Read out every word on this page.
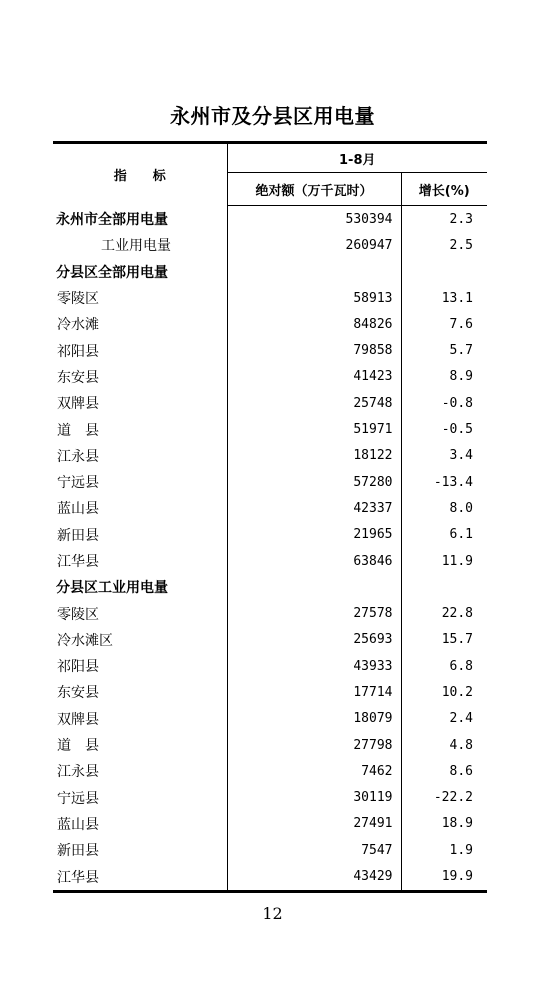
永州市及分县区用电量
指　　标	1-8月	
	绝对额（万千瓦时）	增长(%)
永州市全部用电量	530394	2.3
工业用电量	260947	2.5
分县区全部用电量		
零陵区	58913	13.1
冷水滩	84826	7.6
祁阳县	79858	5.7
东安县	41423	8.9
双牌县	25748	-0.8
道　县	51971	-0.5
江永县	18122	3.4
宁远县	57280	-13.4
蓝山县	42337	8.0
新田县	21965	6.1
江华县	63846	11.9
分县区工业用电量		
零陵区	27578	22.8
冷水滩区	25693	15.7
祁阳县	43933	6.8
东安县	17714	10.2
双牌县	18079	2.4
道　县	27798	4.8
江永县	7462	8.6
宁远县	30119	-22.2
蓝山县	27491	18.9
新田县	7547	1.9
江华县	43429	19.9
12
